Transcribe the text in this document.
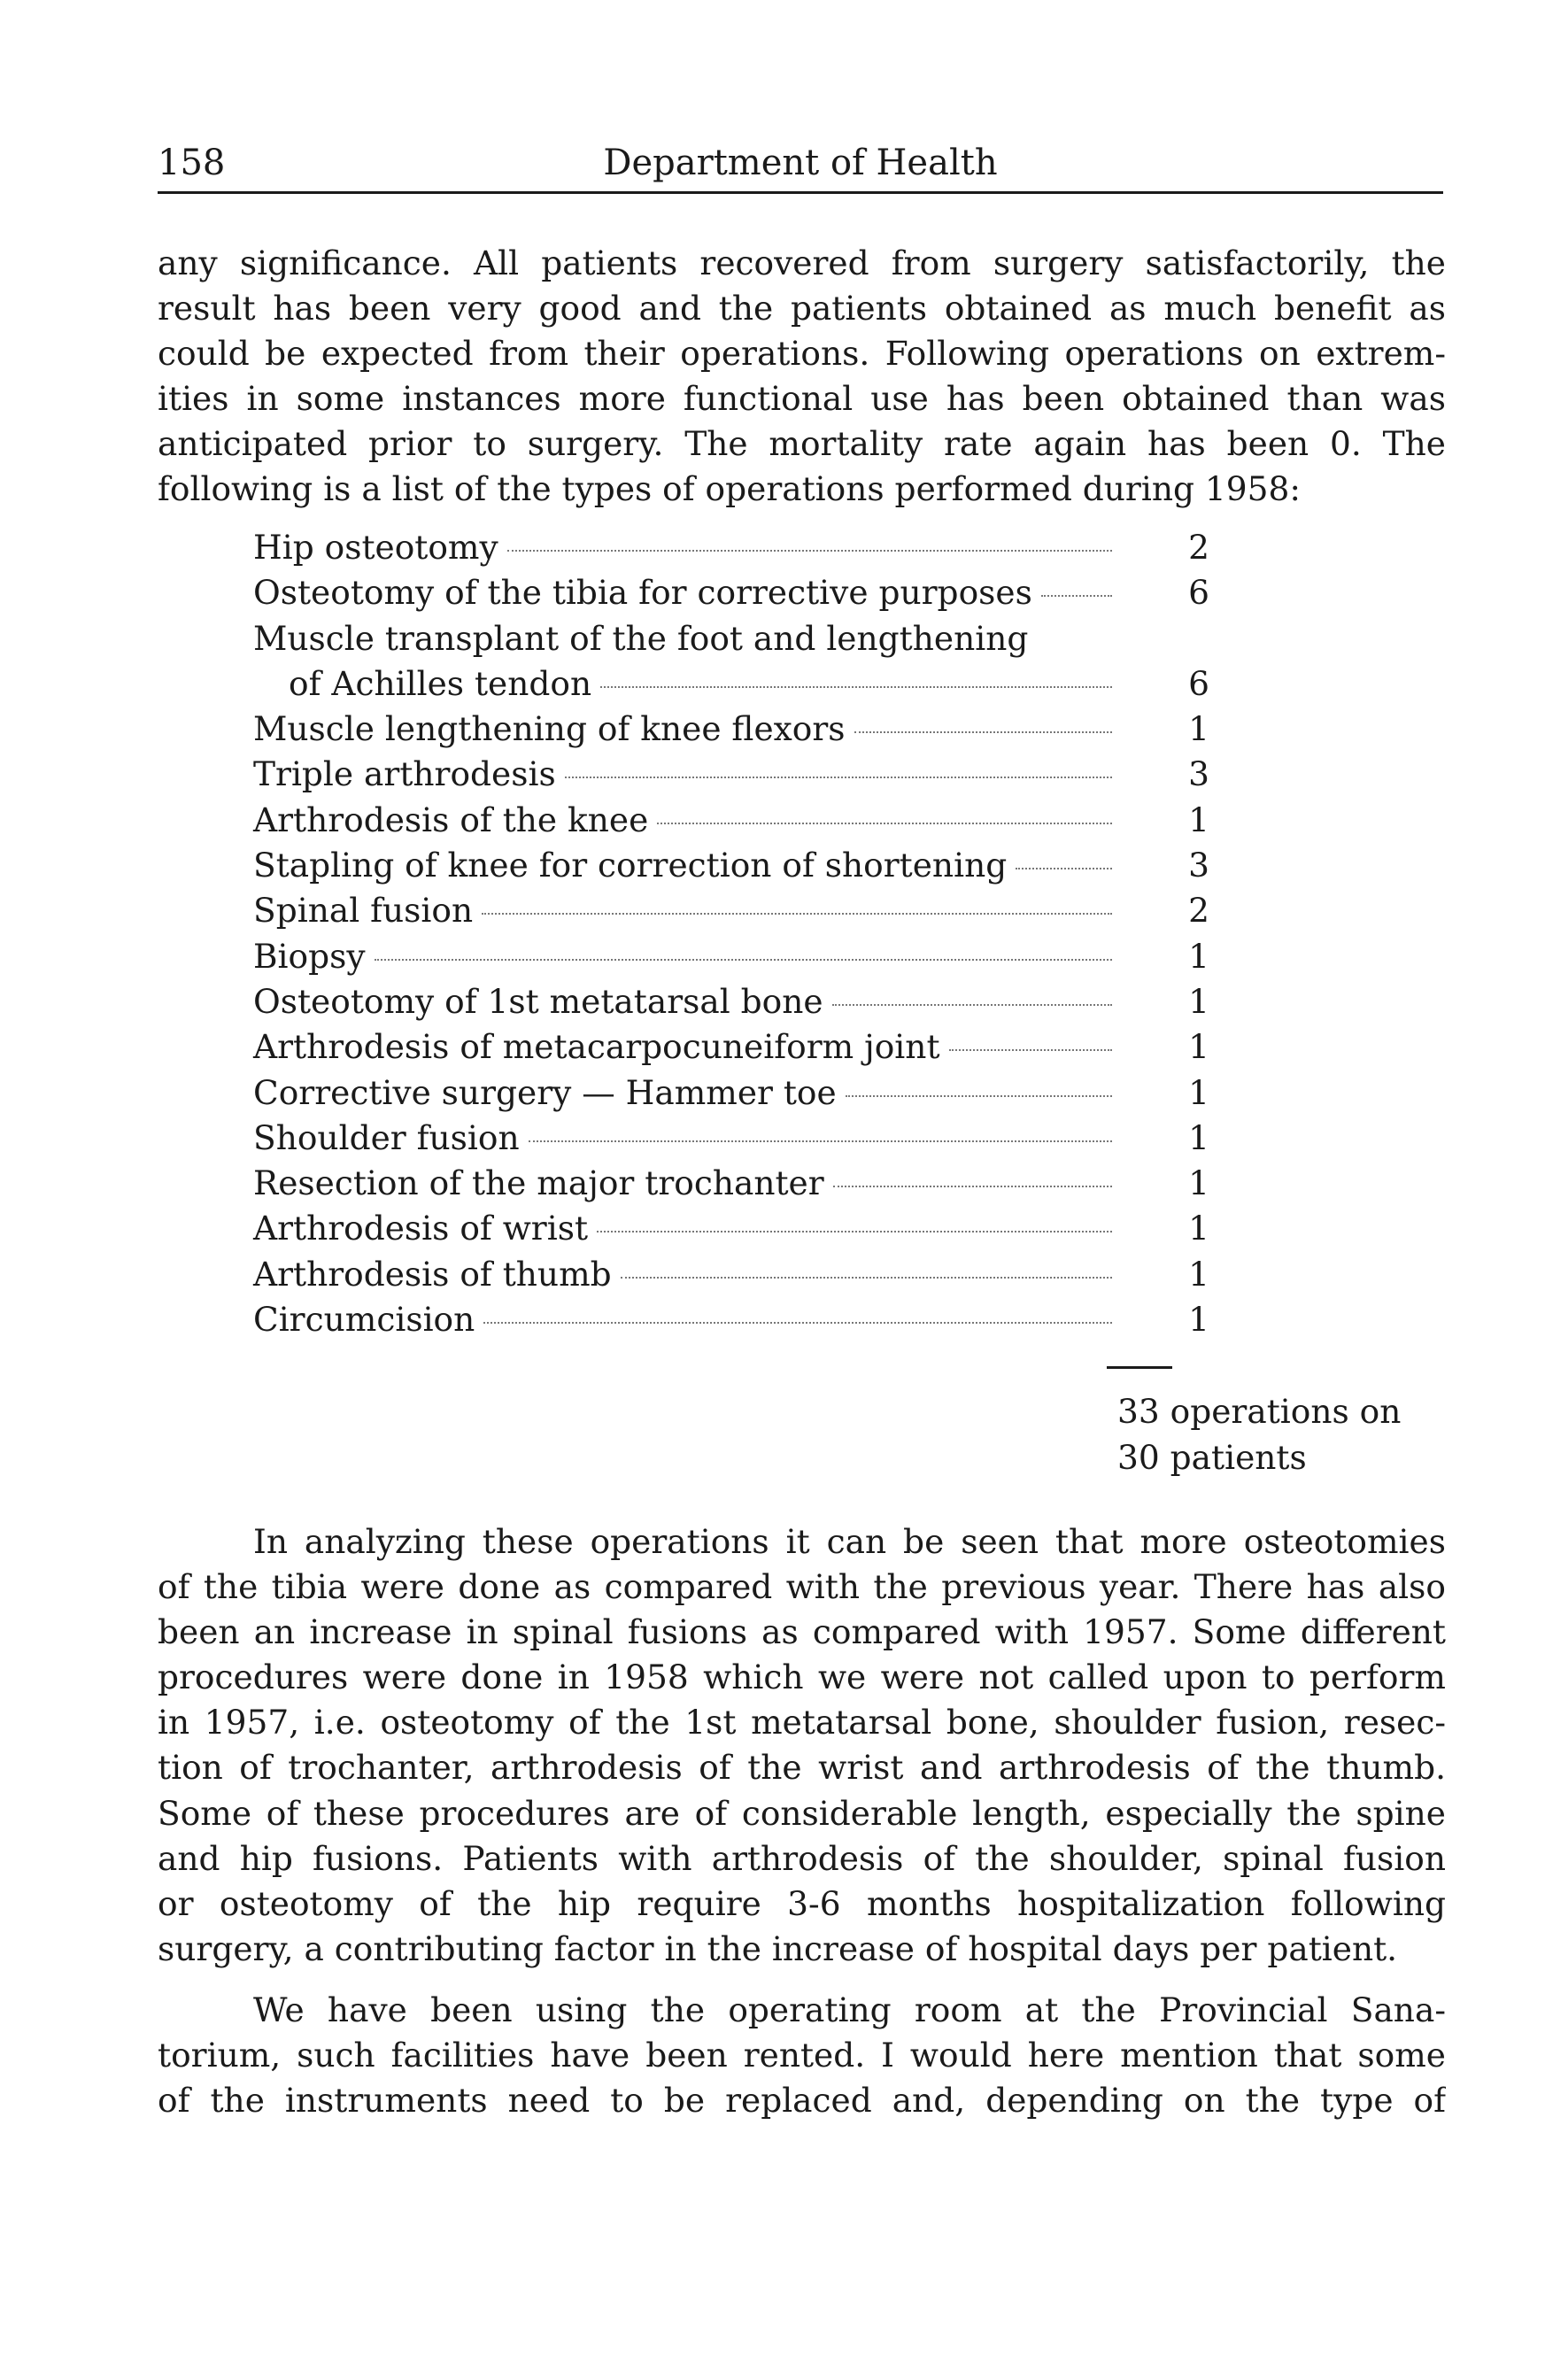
158	Department of Health
any significance. All patients recovered from surgery satisfactorily, the
result has been very good and the patients obtained as much benefit as
could be expected from their operations. Following operations on extrem-
ities in some instances more functional use has been obtained than was
anticipated prior to surgery. The mortality rate again has been 0. The
following is a list of the types of operations performed during 1958:
Hip osteotomy	2
Osteotomy of the tibia for corrective purposes	6
Muscle transplant of the foot and lengthening
of Achilles tendon	6
Muscle lengthening of knee flexors	1
Triple arthrodesis	3
Arthrodesis of the knee	1
Stapling of knee for correction of shortening	3
Spinal fusion	2
Biopsy	1
Osteotomy of 1st metatarsal bone	1
Arthrodesis of metacarpocuneiform joint	1
Corrective surgery — Hammer toe	1
Shoulder fusion	1
Resection of the major trochanter	1
Arthrodesis of wrist	1
Arthrodesis of thumb	1
Circumcision	1
33 operations on
30 patients
In analyzing these operations it can be seen that more osteotomies
of the tibia were done as compared with the previous year. There has also
been an increase in spinal fusions as compared with 1957. Some different
procedures were done in 1958 which we were not called upon to perform
in 1957, i.e. osteotomy of the 1st metatarsal bone, shoulder fusion, resec-
tion of trochanter, arthrodesis of the wrist and arthrodesis of the thumb.
Some of these procedures are of considerable length, especially the spine
and hip fusions. Patients with arthrodesis of the shoulder, spinal fusion
or osteotomy of the hip require 3-6 months hospitalization following
surgery, a contributing factor in the increase of hospital days per patient.
We have been using the operating room at the Provincial Sana-
torium, such facilities have been rented. I would here mention that some
of the instruments need to be replaced and, depending on the type of
